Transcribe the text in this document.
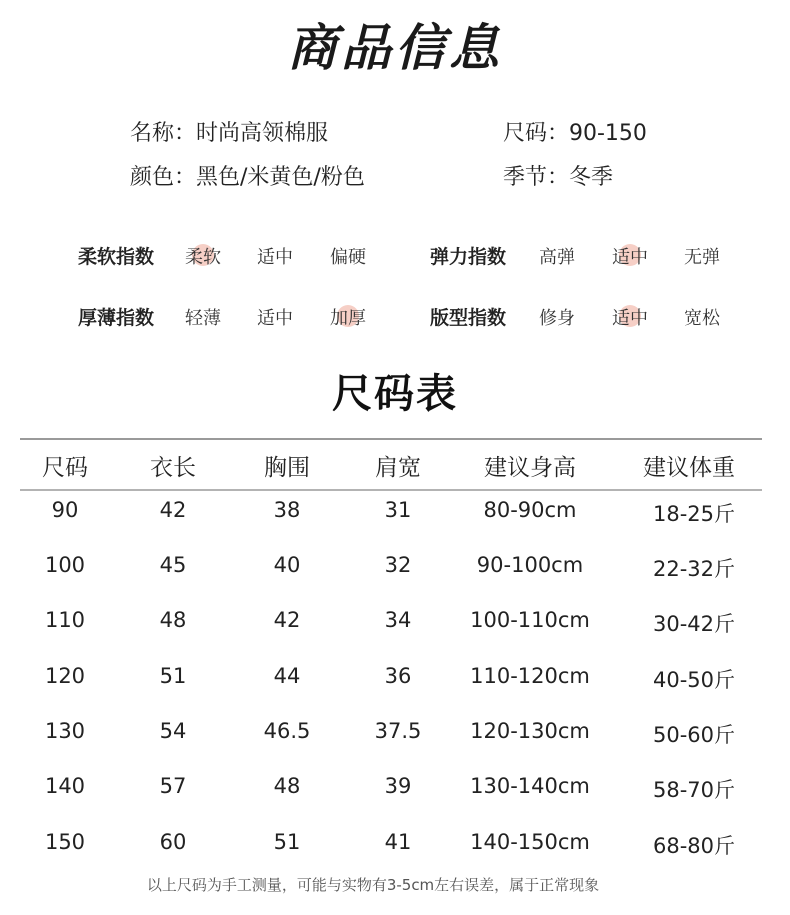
商品信息
名称：时尚高领棉服	尺码：90-150
颜色：黑色/米黄色/粉色	季节：冬季
柔软指数 柔软 适中 偏硬	弹力指数 高弹 适中 无弹
厚薄指数 轻薄 适中 加厚	版型指数 修身 适中 宽松
尺码表
尺码	衣长	胸围	肩宽	建议身高	建议体重
90	42	38	31	80-90cm	18-25斤
100	45	40	32	90-100cm	22-32斤
110	48	42	34	100-110cm	30-42斤
120	51	44	36	110-120cm	40-50斤
130	54	46.5	37.5	120-130cm	50-60斤
140	57	48	39	130-140cm	58-70斤
150	60	51	41	140-150cm	68-80斤
以上尺码为手工测量，可能与实物有3-5cm左右误差，属于正常现象
